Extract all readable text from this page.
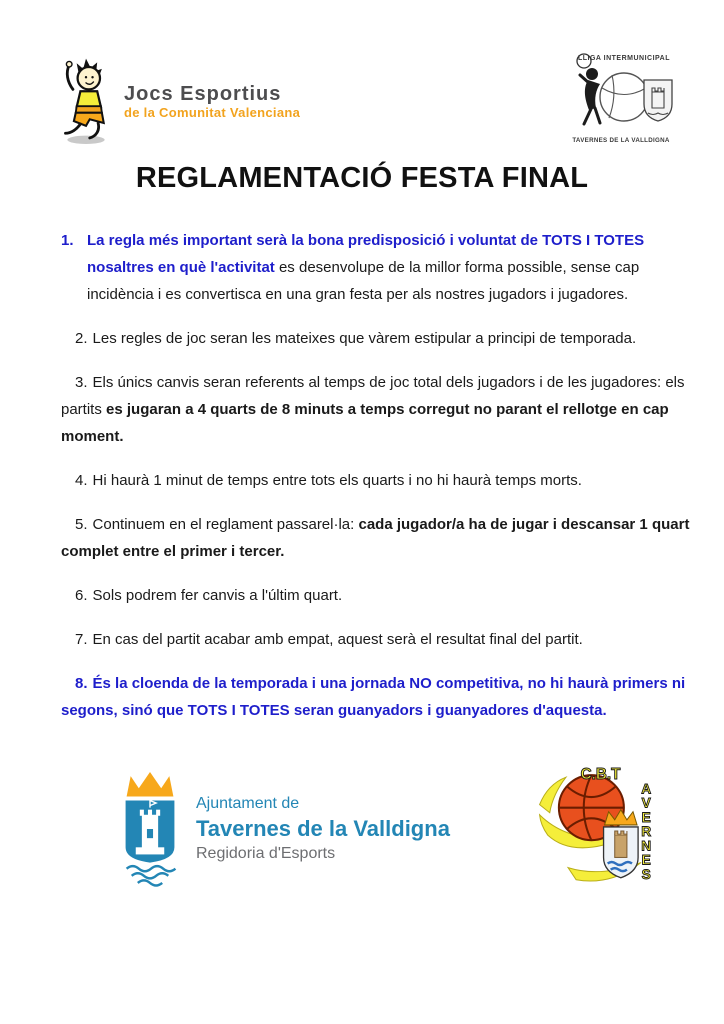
Jocs Esportius
de la Comunitat Valenciana
LLIGA INTERMUNICIPAL
TAVERNES DE LA VALLDIGNA
REGLAMENTACIÓ FESTA FINAL

1. La regla més important serà la bona predisposició i voluntat de TOTS I TOTES nosaltres en què l'activitat es desenvolupe de la millor forma possible, sense cap incidència i es convertisca en una gran festa per als nostres jugadors i jugadores.

2. Les regles de joc seran les mateixes que vàrem estipular a principi de temporada.

3. Els únics canvis seran referents al temps de joc total dels jugadors i de les jugadores: els partits es jugaran a 4 quarts de 8 minuts a temps corregut no parant el rellotge en cap moment.

4. Hi haurà 1 minut de temps entre tots els quarts i no hi haurà temps morts.

5. Continuem en el reglament passarel·la: cada jugador/a ha de jugar i descansar 1 quart complet entre el primer i tercer.

6. Sols podrem fer canvis a l'últim quart.

7. En cas del partit acabar amb empat, aquest serà el resultat final del partit.

8. És la cloenda de la temporada i una jornada NO competitiva, no hi haurà primers ni segons, sinó que TOTS I TOTES seran guanyadors i guanyadores d'aquesta.

Ajuntament de
Tavernes de la Valldigna
Regidoria d'Esports
C.B.T
A V E R N E S
